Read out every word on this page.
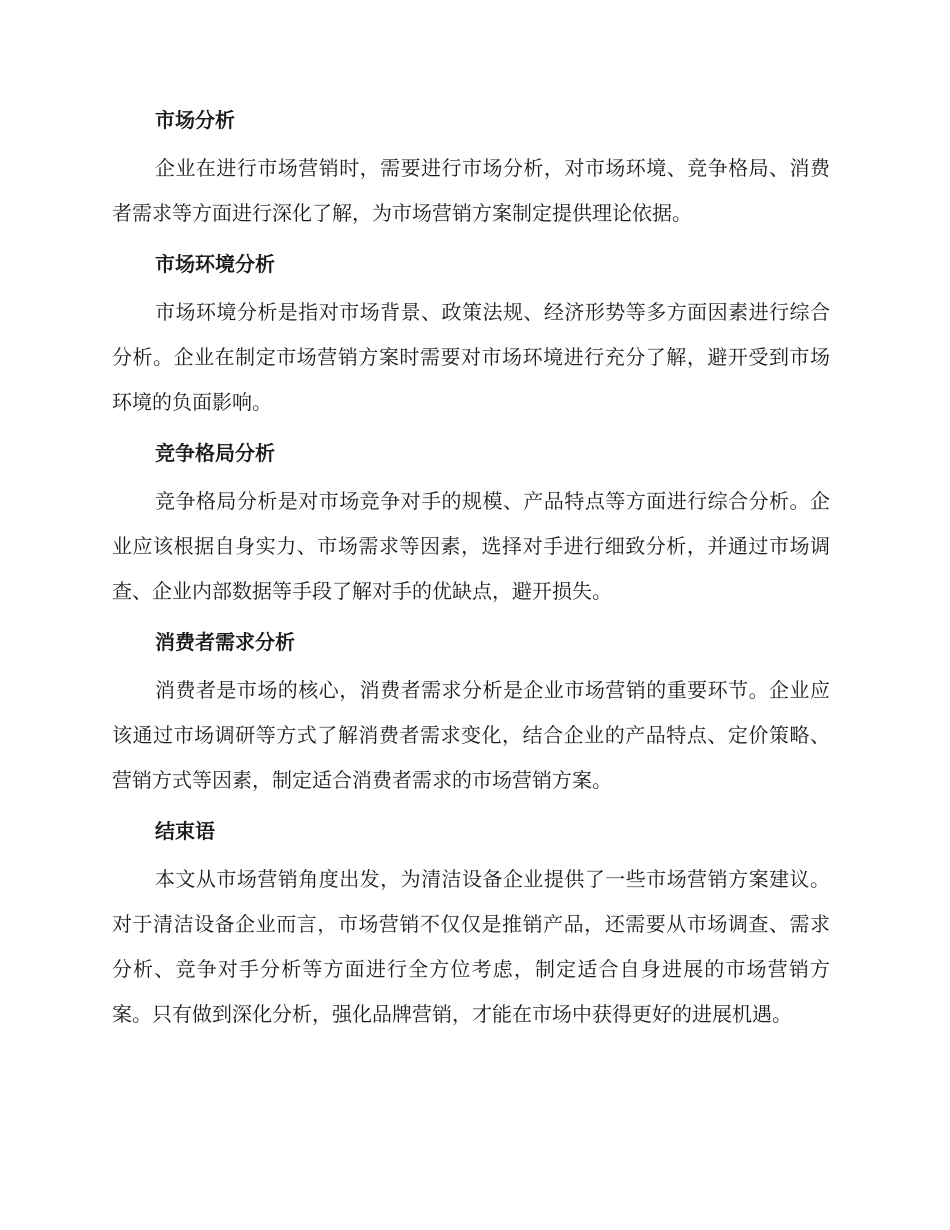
市场分析

企业在进行市场营销时，需要进行市场分析，对市场环境、竞争格局、消费者需求等方面进行深化了解，为市场营销方案制定提供理论依据。

市场环境分析

市场环境分析是指对市场背景、政策法规、经济形势等多方面因素进行综合分析。企业在制定市场营销方案时需要对市场环境进行充分了解，避开受到市场环境的负面影响。

竞争格局分析

竞争格局分析是对市场竞争对手的规模、产品特点等方面进行综合分析。企业应该根据自身实力、市场需求等因素，选择对手进行细致分析，并通过市场调查、企业内部数据等手段了解对手的优缺点，避开损失。

消费者需求分析

消费者是市场的核心，消费者需求分析是企业市场营销的重要环节。企业应该通过市场调研等方式了解消费者需求变化，结合企业的产品特点、定价策略、营销方式等因素，制定适合消费者需求的市场营销方案。

结束语

本文从市场营销角度出发，为清洁设备企业提供了一些市场营销方案建议。对于清洁设备企业而言，市场营销不仅仅是推销产品，还需要从市场调查、需求分析、竞争对手分析等方面进行全方位考虑，制定适合自身进展的市场营销方案。只有做到深化分析，强化品牌营销，才能在市场中获得更好的进展机遇。
